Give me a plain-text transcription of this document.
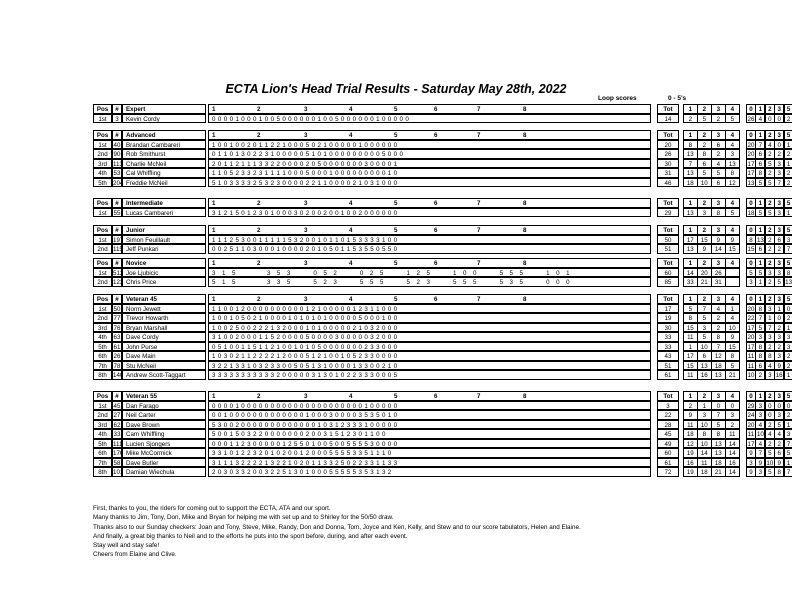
ECTA Lion's Head Trial Results - Saturday May 28th, 2022
Loop scores	0 - 5's
Pos	#	Expert	1	2	3	4	5	6	7	8	Tot	1	2	3	4	0 1 2 3 5
1st	3	Kevin Cordy	0 0 0 0 1 0 0 0 1 0 0 5 0 0 0 0 0 0 1 0 0 5 0 0 0 0 0 0 1 0 0 0 0 0	14	2	5	2	5	26 4 0 0 2
Pos	#	Advanced	1	2	3	4	5	6	7	8	Tot	1	2	3	4	0 1 2 3 5
1st	40 Brandan Cambareri	1 0 0 1 0 0 2 0 1 1 2 2 1 0 0 0 5 0 2 1 0 0 0 0 0 1 0 0 0 0 0 0	20	8	2	6	4	20 7 4 0 1
2nd 90 Rob Smithurst	0 1 1 0 1 3 0 2 2 3 1 0 0 0 0 0 5 1 0 1 0 0 0 0 0 0 0 0 0 5 0 0 0	26	13	8	2	3	20 6 2 2 2
3rd 113 Charlie McNeil	2 0 1 1 2 1 1 1 3 3 2 2 0 0 0 0 2 0 5 0 0 0 0 0 0 0 3 0 0 0 0 1	30	7	6	4	13	17 6 5 3 1
4th	53 Cal Whiffling	1 1 0 5 2 3 3 2 3 1 1 1 1 0 0 0 5 0 0 0 1 0 0 0 0 0 0 0 0 0 1 0	31	13	5	5	8	17 8 2 3 2
5th	204 Freddie McNeil	5 1 0 3 3 3 3 2 5 3 2 3 0 0 0 0 2 2 1 1 0 0 0 0 2 1 0 3 1 0 0 0	46	18	10	6	12	13 5 5 7 2
Pos	#	Intermediate	1	2	3	4	5	6	7	8	Tot	1	2	3	4	0 1 2 3 5
1st	55 Lucas Cambareri	3 1 2 1 5 0 1 2 3 0 1 0 0 0 3 0 2 0 0 2 0 0 1 0 0 2 0 0 0 0 0 0	29	13	3	8	5	18 5 5 3 1
Pos	#	Junior	1	2	3	4	5	6	7	8	Tot	1	2	3	4	0 1 2 3 5
1st	197 Simon Feuillault	1 1 1 2 5 3 0 0 1 1 1 1 1 5 3 2 0 0 1 0 1 1 0 1 5 3 3 3 3 1 0 0	50	17	15	9	9	8 13 2 6 3
2nd 115 Jeff Punkari	0 0 2 5 1 1 0 3 0 0 0 1 0 0 0 0 2 0 1 0 5 0 1 1 5 3 5 5 0 5 5 0	51	13	9	14	15	15 6 2 2 7
Pos	#	Novice	1	2	3	4	5	6	7	8	Tot	1	2	3	4	0 1 2 3 5
1st	512 Joe Ljubicic	3   1   5               3   5   3           0   5   2           0   2   5           1   2   5           1   0   0           5   5   5           1   0   1	60	14	20	26	5 5 3 3 8
2nd 123 Chris Price	5   1   5               3   3   5           5   2   3           5   5   5           5   2   3           5   5   5           5   3   5           0   0   0	85	33	21	31	3 1 2 5 13
Pos	#	Veteran 45	1	2	3	4	5	6	7	8	Tot	1	2	3	4	0 1 2 3 5
1st	50 Norm Jewett	1 1 0 0 1 2 0 0 0 0 0 0 0 0 0 0 1 2 1 0 0 0 0 0 1 2 3 1 1 0 0 0	17	5	7	4	1	20 8 3 1 0
2nd 77 Trevor Howarth	1 0 0 1 0 5 0 2 1 0 0 0 0 1 0 1 0 1 0 1 0 0 0 0 0 5 0 0 0 1 0 0	19	8	5	2	4	22 7 1 0 2
3rd	76 Bryan Marshall	1 0 0 2 5 0 0 2 2 2 1 3 2 0 0 0 1 0 1 0 0 0 0 0 2 1 0 3 2 0 0 0	30	15	3	2	10	17 5 7 2 1
4th	63 Dave Cordy	3 1 0 0 2 0 0 0 1 1 5 2 0 0 0 0 5 0 0 0 0 3 0 0 0 0 0 3 2 0 0 0	33	11	5	8	9	20 3 3 3 3
5th	61 John Purse	0 5 1 0 0 1 1 5 1 1 2 1 0 0 1 0 1 0 5 0 0 0 0 0 0 0 2 3 3 0 0 0	33	1	10	7	15	17 8 2 2 3
6th	26 Dave Main	1 0 3 0 2 1 1 2 2 2 2 1 2 0 0 0 5 1 2 1 0 0 1 0 5 2 3 3 0 0 0 0	43	17	6	12	8	11 8 8 3 2
7th	78 Stu McNeil	3 2 2 1 3 3 1 0 3 2 3 3 0 0 5 0 5 1 3 1 0 0 0 0 1 3 3 0 0 2 1 0	51	15	13	18	5	11 6 4 9 2
8th	140 Andrew Scott-Taggart	3 3 3 3 3 3 3 3 3 3 3 2 0 0 0 0 0 3 1 3 0 1 0 2 2 3 3 3 0 0 0 5	61	11	16	13	21	10 2 3 16 1
Pos	#	Veteran 55	1	2	3	4	5	6	7	8	Tot	1	2	3	4	0 1 2 3 5
1st	45 Dan Farago	0 0 0 0 1 0 0 0 0 0 0 0 0 0 0 0 0 0 0 0 0 0 0 0 0 0 1 0 0 0 0 0	3	2	1	0	0	29 3 0 0 0
2nd 27 Neil Carter	0 0 1 0 0 0 0 0 0 0 0 0 0 0 0 0 1 0 0 0 3 0 0 0 0 3 5 3 5 0 1 0	22	9	3	7	3	24 3 0 3 2
3rd	62 Dave Brown	5 3 0 0 2 0 0 0 0 0 0 0 0 0 0 0 0 0 1 0 3 1 2 3 3 3 1 0 0 0 0 0	28	11	10	5	2	20 4 2 5 1
4th	33 Cam Whiffling	5 0 0 1 5 0 3 2 2 0 0 0 0 0 0 0 2 0 0 3 1 5 1 2 3 0 1 1 0 0	45	18	8	8	11	11 10 4 4 3
5th	111 Lucien Sjongers	0 0 0 1 1 2 3 0 0 0 0 0 1 2 5 5 0 1 0 0 5 0 0 5 5 5 5 3 0 0 0 0	49	12	10	13	14	17 4 2 2 7
6th	176 Mike McCormick	3 3 1 0 1 2 2 3 2 0 1 0 2 0 0 1 2 0 0 0 5 5 5 5 3 3 5 1 1 1 0	60	19	14	13	14	9 7 5 6 5
7th	58 Dave Butler	3 1 1 1 3 2 2 2 2 1 3 2 2 1 0 2 0 1 1 3 3 2 5 0 2 2 3 3 1 1 3 3	61	16	11	18	16	3 9 10 9 1
8th	101 Damian Wiechula	2 0 3 0 3 3 2 0 0 3 2 2 5 1 3 0 1 0 0 0 5 5 5 5 5 3 5 3 1 3 2	72	19	18	21	14	9 3 5 8 7
First, thanks to you, the riders for coming out to support the ECTA, ATA and our sport.
Many thanks to Jim, Tony, Don, Mike and Bryan for helping me with set up and to Shirley for the 50/50 draw.
Thanks also to our Sunday checkers: Joan and Tony, Steve, Mike, Randy, Don and Donna, Tom, Joyce and Ken, Kelly, and Stew and to our score tabulators, Helen and Elaine.
And finally, a great big thanks to Neil and to the efforts he puts into the sport before, during, and after each event.
Stay well and stay safe!
Cheers from Elaine and Clive.
